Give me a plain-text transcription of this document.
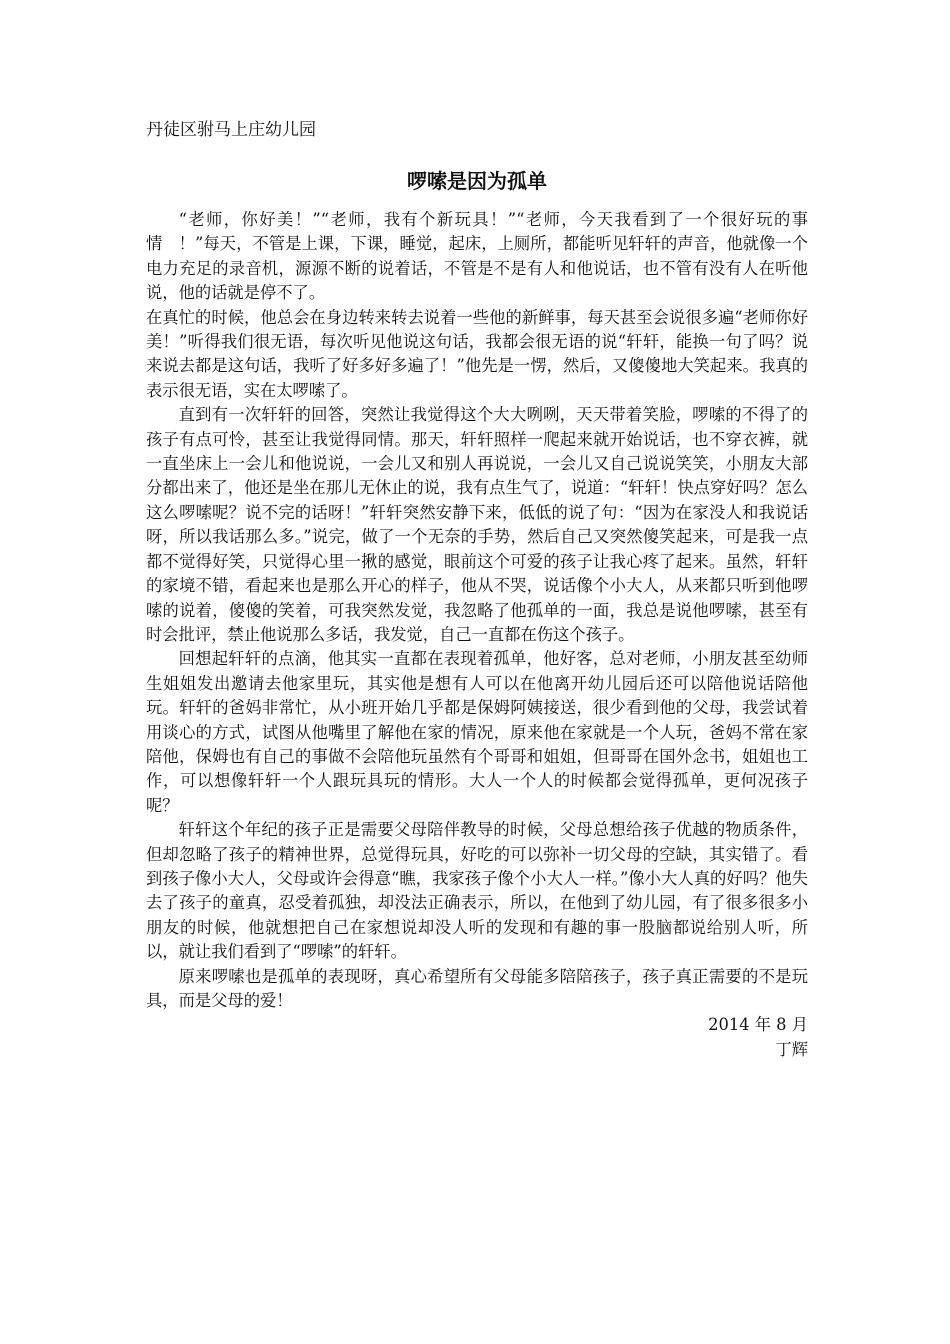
丹徒区驸马上庄幼儿园

啰嗦是因为孤单

“老师，你好美！”“老师，我有个新玩具！”“老师，今天我看到了一个很好玩的事情　！”每天，不管是上课，下课，睡觉，起床，上厕所，都能听见轩轩的声音，他就像一个电力充足的录音机，源源不断的说着话，不管是不是有人和他说话，也不管有没有人在听他说，他的话就是停不了。

在真忙的时候，他总会在身边转来转去说着一些他的新鲜事，每天甚至会说很多遍“老师你好美！”听得我们很无语，每次听见他说这句话，我都会很无语的说“轩轩，能换一句了吗？说来说去都是这句话，我听了好多好多遍了！”他先是一愣，然后，又傻傻地大笑起来。我真的表示很无语，实在太啰嗦了。

直到有一次轩轩的回答，突然让我觉得这个大大咧咧，天天带着笑脸，啰嗦的不得了的孩子有点可怜，甚至让我觉得同情。那天，轩轩照样一爬起来就开始说话，也不穿衣裤，就一直坐床上一会儿和他说说，一会儿又和别人再说说，一会儿又自己说说笑笑，小朋友大部分都出来了，他还是坐在那儿无休止的说，我有点生气了，说道：“轩轩！快点穿好吗？怎么这么啰嗦呢？说不完的话呀！”轩轩突然安静下来，低低的说了句：“因为在家没人和我说话呀，所以我话那么多。”说完，做了一个无奈的手势，然后自己又突然傻笑起来，可是我一点都不觉得好笑，只觉得心里一揪的感觉，眼前这个可爱的孩子让我心疼了起来。虽然，轩轩的家境不错，看起来也是那么开心的样子，他从不哭，说话像个小大人，从来都只听到他啰嗦的说着，傻傻的笑着，可我突然发觉，我忽略了他孤单的一面，我总是说他啰嗦，甚至有时会批评，禁止他说那么多话，我发觉，自己一直都在伤这个孩子。

回想起轩轩的点滴，他其实一直都在表现着孤单，他好客，总对老师，小朋友甚至幼师生姐姐发出邀请去他家里玩，其实他是想有人可以在他离开幼儿园后还可以陪他说话陪他玩。轩轩的爸妈非常忙，从小班开始几乎都是保姆阿姨接送，很少看到他的父母，我尝试着用谈心的方式，试图从他嘴里了解他在家的情况，原来他在家就是一个人玩，爸妈不常在家陪他，保姆也有自己的事做不会陪他玩虽然有个哥哥和姐姐，但哥哥在国外念书，姐姐也工作，可以想像轩轩一个人跟玩具玩的情形。大人一个人的时候都会觉得孤单，更何况孩子呢？

轩轩这个年纪的孩子正是需要父母陪伴教导的时候，父母总想给孩子优越的物质条件，但却忽略了孩子的精神世界，总觉得玩具，好吃的可以弥补一切父母的空缺，其实错了。看到孩子像小大人，父母或许会得意“瞧，我家孩子像个小大人一样。”像小大人真的好吗？他失去了孩子的童真，忍受着孤独，却没法正确表示，所以，在他到了幼儿园，有了很多很多小朋友的时候，他就想把自己在家想说却没人听的发现和有趣的事一股脑都说给别人听，所以，就让我们看到了“啰嗦”的轩轩。

原来啰嗦也是孤单的表现呀，真心希望所有父母能多陪陪孩子，孩子真正需要的不是玩具，而是父母的爱！

2014 年 8 月

丁辉
